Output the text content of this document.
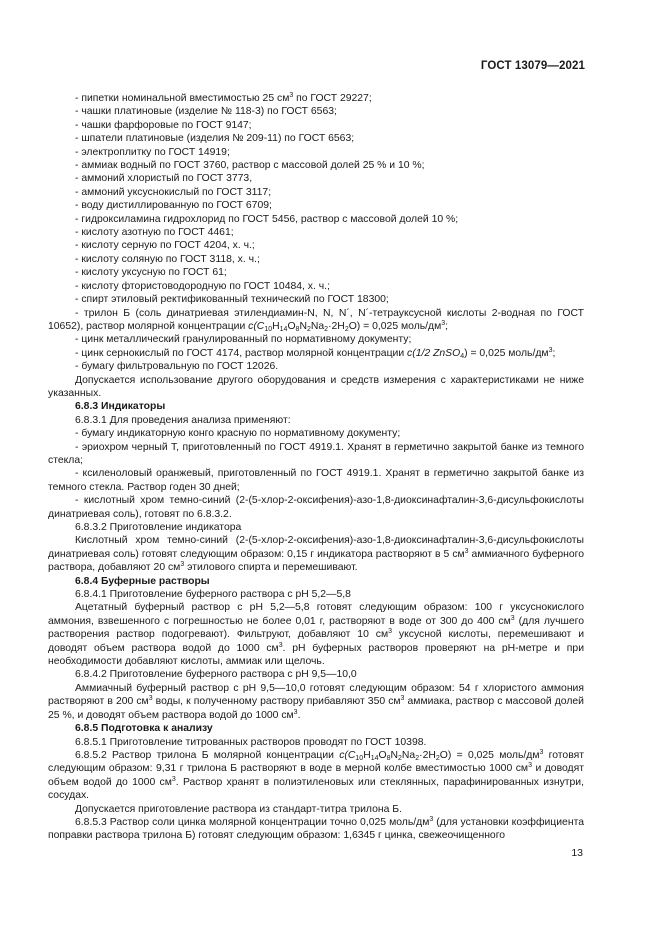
ГОСТ 13079—2021

- пипетки номинальной вместимостью 25 $см^3$ по ГОСТ 29227;

- чашки платиновые (изделие № 118-3) по ГОСТ 6563;

- чашки фарфоровые по ГОСТ 9147;

- шпатели платиновые (изделия № 209-11) по ГОСТ 6563;

- электроплитку по ГОСТ 14919;

- аммиак водный по ГОСТ 3760, раствор с массовой долей 25 % и 10 %;

- аммоний хлористый по ГОСТ 3773,

- аммоний уксуснокислый по ГОСТ 3117;

- воду дистиллированную по ГОСТ 6709;

- гидроксиламина гидрохлорид по ГОСТ 5456, раствор с массовой долей 10 %;

- кислоту азотную по ГОСТ 4461;

- кислоту серную по ГОСТ 4204, х. ч.;

- кислоту соляную по ГОСТ 3118, х. ч.;

- кислоту уксусную по ГОСТ 61;

- кислоту фтористоводородную по ГОСТ 10484, х. ч.;

- спирт этиловый ректификованный технический по ГОСТ 18300;

- трилон Б (соль динатриевая этилендиамин-N, N, N´, N´-тетрауксусной кислоты 2-водная по ГОСТ 10652), раствор молярной концентрации $c(C_{10}H_{14}O_8N_2Na_2\cdot 2H_2O) = 0,025$ моль/$дм^3$;

- цинк металлический гранулированный по нормативному документу;

- цинк сернокислый по ГОСТ 4174, раствор молярной концентрации c(1/2 ZnSO$_4$) = 0,025 моль/$дм^3$;

- бумагу фильтровальную по ГОСТ 12026.

Допускается использование другого оборудования и средств измерения с характеристиками не ниже указанных.

6.8.3 Индикаторы

6.8.3.1 Для проведения анализа применяют:

- бумагу индикаторную конго красную по нормативному документу;

- эриохром черный Т, приготовленный по ГОСТ 4919.1. Хранят в герметично закрытой банке из темного стекла;

- ксиленоловый оранжевый, приготовленный по ГОСТ 4919.1. Хранят в герметично закрытой банке из темного стекла. Раствор годен 30 дней;

- кислотный хром темно-синий (2-(5-хлор-2-оксифения)-азо-1,8-диоксинафталин-3,6-дисульфокислоты динатриевая соль), готовят по 6.8.3.2.

6.8.3.2 Приготовление индикатора

Кислотный хром темно-синий (2-(5-хлор-2-оксифения)-азо-1,8-диоксинафталин-3,6-дисульфокислоты динатриевая соль) готовят следующим образом: 0,15 г индикатора растворяют в 5 $см^3$ аммиачного буферного раствора, добавляют 20 $см^3$ этилового спирта и перемешивают.

6.8.4 Буферные растворы

6.8.4.1 Приготовление буферного раствора с pH 5,2—5,8

Ацетатный буферный раствор с pH 5,2—5,8 готовят следующим образом: 100 г уксуснокислого аммония, взвешенного с погрешностью не более 0,01 г, растворяют в воде от 300 до 400 $см^3$ (для лучшего растворения раствор подогревают). Фильтруют, добавляют 10 $см^3$ уксусной кислоты, перемешивают и доводят объем раствора водой до 1000 $см^3$. pH буферных растворов проверяют на pH-метре и при необходимости добавляют кислоты, аммиак или щелочь.

6.8.4.2 Приготовление буферного раствора с pH 9,5—10,0

Аммиачный буферный раствор с pH 9,5—10,0 готовят следующим образом: 54 г хлористого аммония растворяют в 200 $см^3$ воды, к полученному раствору прибавляют 350 $см^3$ аммиака, раствор с массовой долей 25 %, и доводят объем раствора водой до 1000 $см^3$.

6.8.5 Подготовка к анализу

6.8.5.1 Приготовление титрованных растворов проводят по ГОСТ 10398.

6.8.5.2 Раствор трилона Б молярной концентрации $c(C_{10}H_{14}O_8N_2Na_2\cdot 2H_2O) = 0,025$ моль/$дм^3$ готовят следующим образом: 9,31 г трилона Б растворяют в воде в мерной колбе вместимостью 1000 $см^3$ и доводят объем водой до 1000 $см^3$. Раствор хранят в полиэтиленовых или стеклянных, парафинированных изнутри, сосудах.

Допускается приготовление раствора из стандарт-титра трилона Б.

6.8.5.3 Раствор соли цинка молярной концентрации точно 0,025 моль/$дм^3$ (для установки коэффициента поправки раствора трилона Б) готовят следующим образом: 1,6345 г цинка, свежеочищенного

13
